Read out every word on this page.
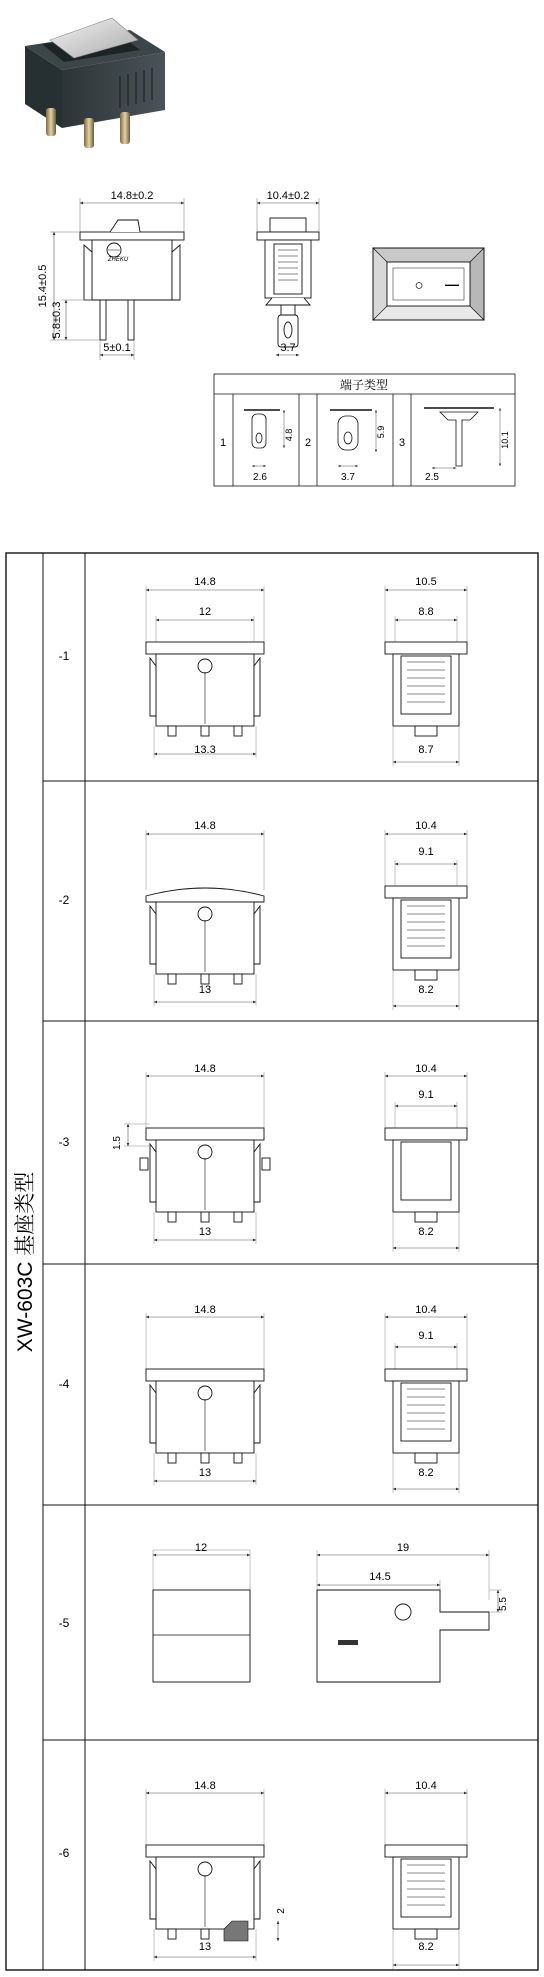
14.8±0.2
15.4±0.5
5.8±0.3
5±0.1
ZHEKU
10.4±0.2
3.7
○ —
端子类型
1
2.6
4.8
2
3.7
5.9
3
2.5
10.1
XW-603C 基座类型
-1
-2
-3
-4
-5
-6
14.8
12
13.3
10.5
8.8
8.7
14.8
13
10.4
9.1
8.2
14.8
1.5
13
10.4
9.1
8.2
14.8
13
10.4
9.1
8.2
12	19
14.5
5.5
14.8
2
13
10.4
8.2
